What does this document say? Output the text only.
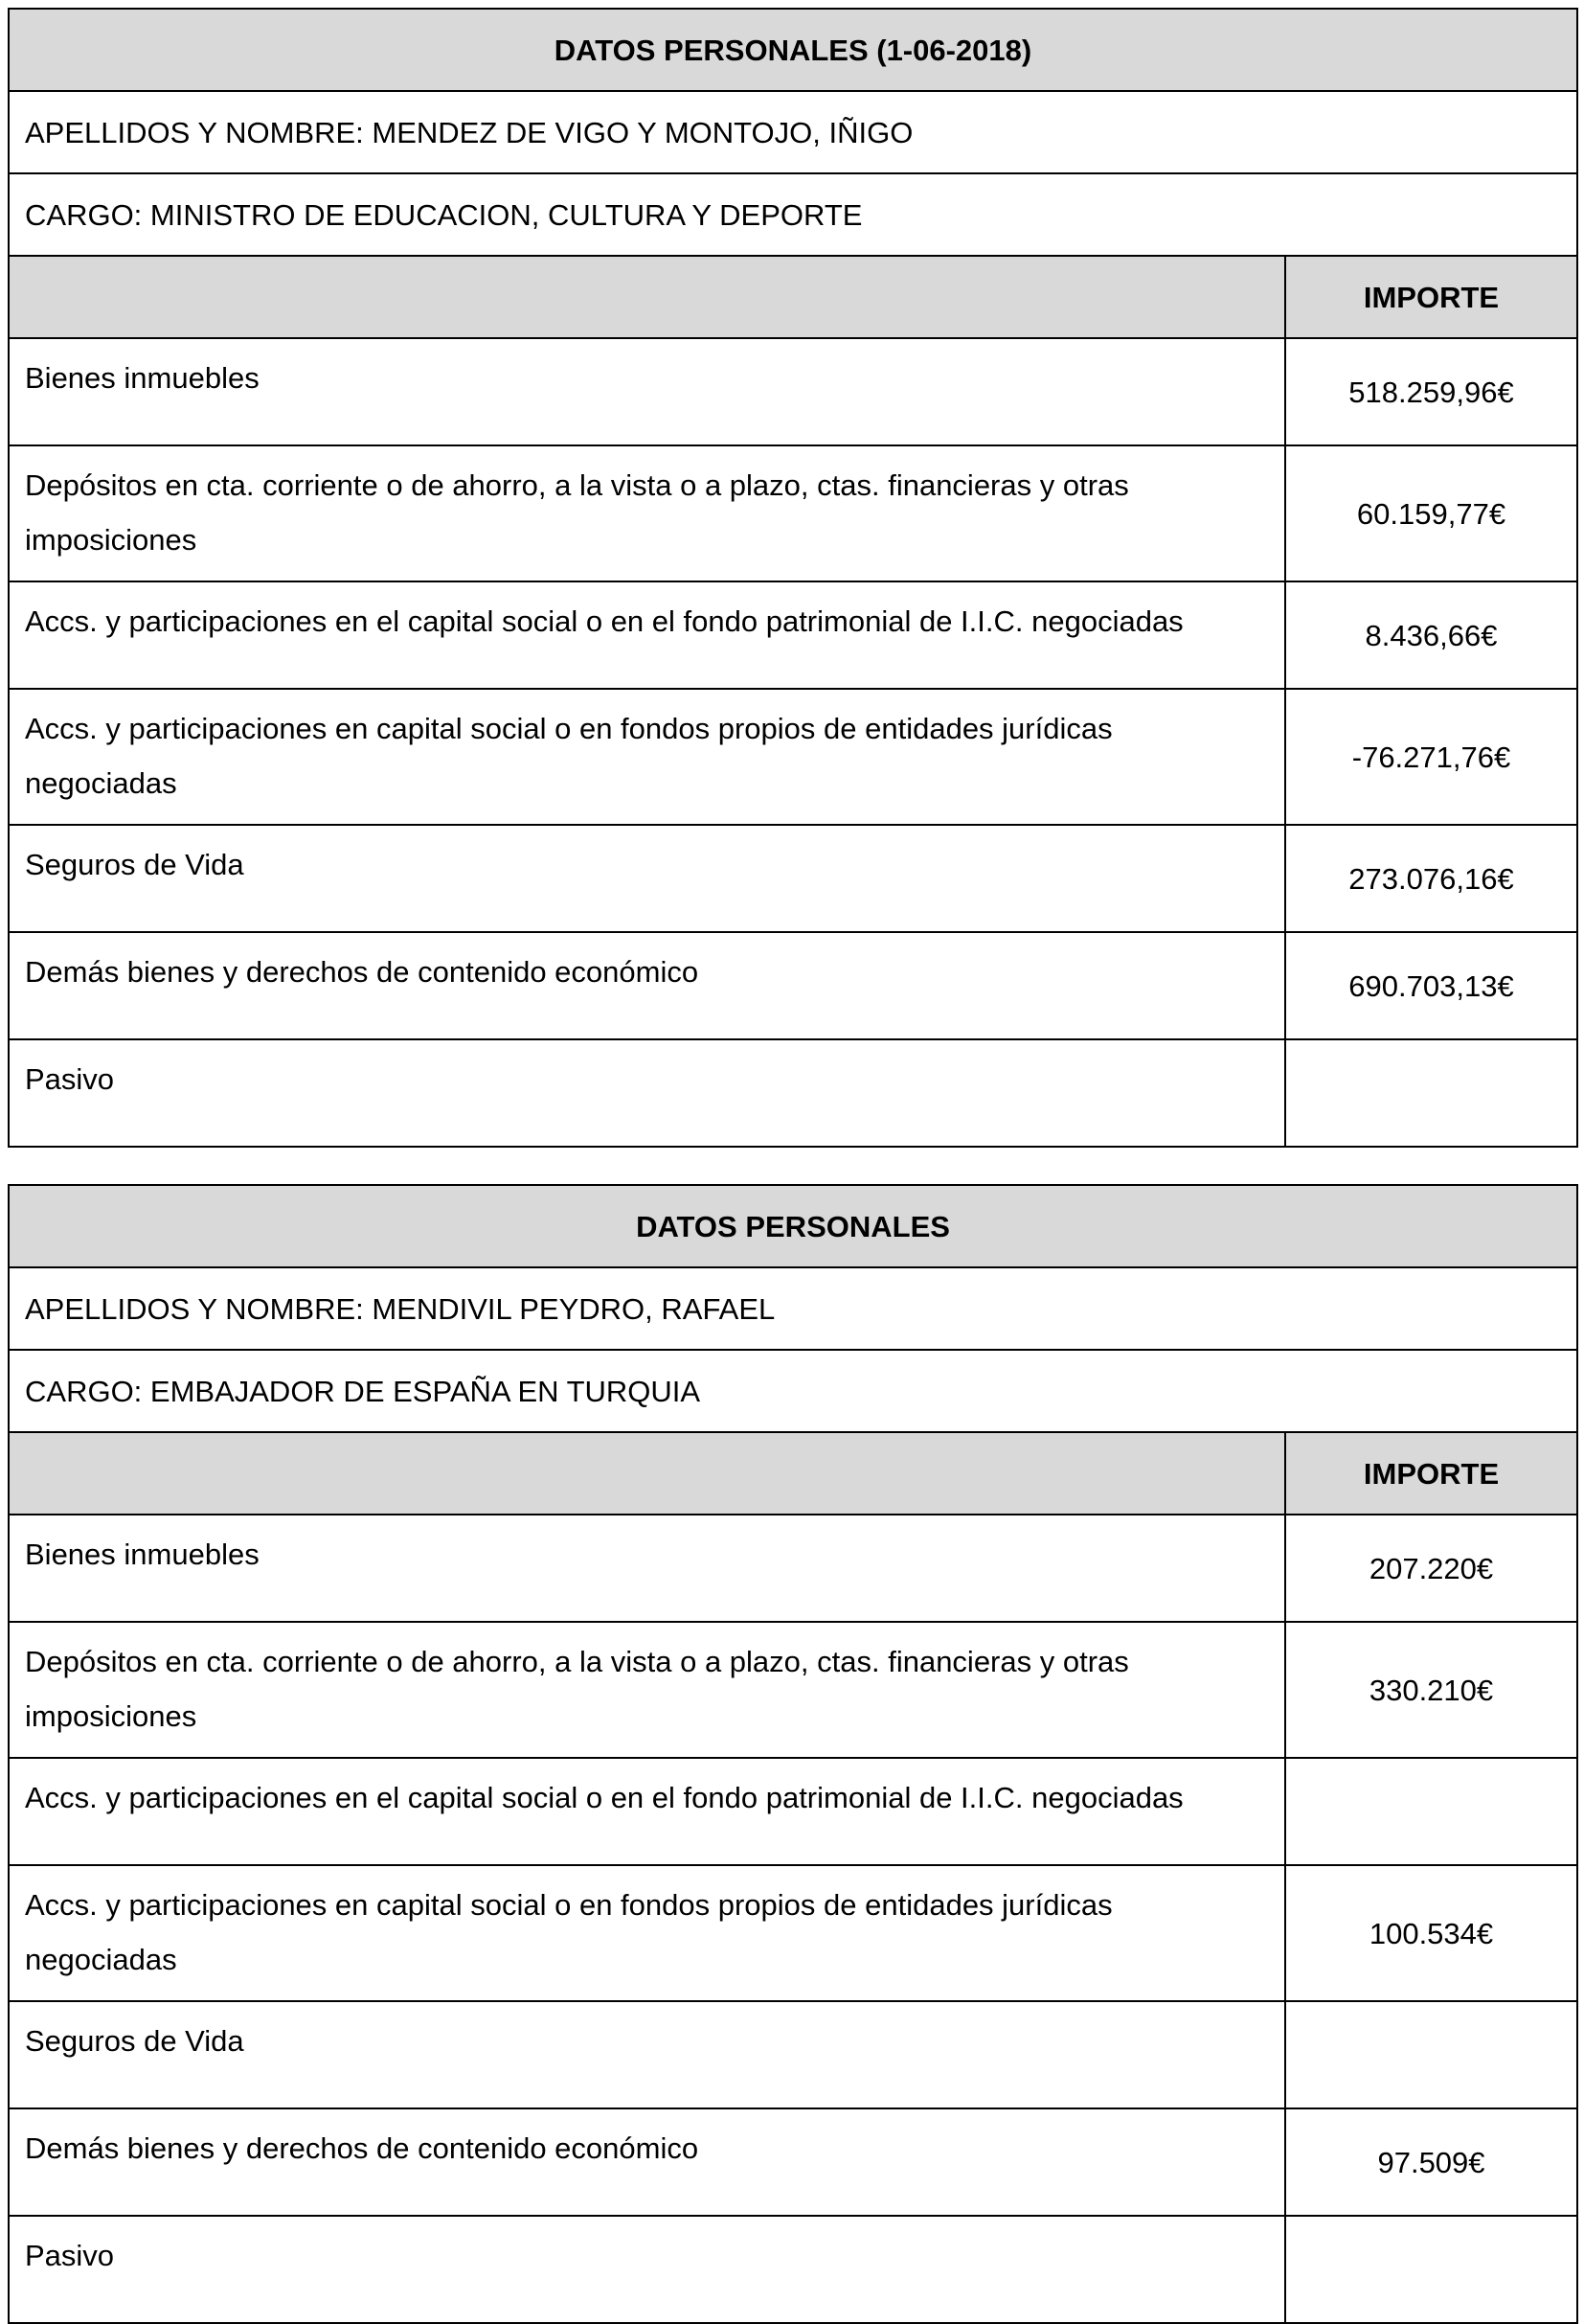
DATOS PERSONALES (1-06-2018)	
APELLIDOS Y NOMBRE: MENDEZ DE VIGO Y MONTOJO, IÑIGO	
CARGO: MINISTRO DE EDUCACION, CULTURA Y DEPORTE	
	IMPORTE
Bienes inmuebles	518.259,96€
Depósitos en cta. corriente o de ahorro, a la vista o a plazo, ctas. financieras y otras imposiciones	60.159,77€
Accs. y participaciones en el capital social o en el fondo patrimonial de I.I.C. negociadas	8.436,66€
Accs. y participaciones en capital social o en fondos propios de entidades jurídicas negociadas	-76.271,76€
Seguros de Vida	273.076,16€
Demás bienes y derechos de contenido económico	690.703,13€
Pasivo	
DATOS PERSONALES	
APELLIDOS Y NOMBRE: MENDIVIL PEYDRO, RAFAEL	
CARGO: EMBAJADOR DE ESPAÑA EN TURQUIA	
	IMPORTE
Bienes inmuebles	207.220€
Depósitos en cta. corriente o de ahorro, a la vista o a plazo, ctas. financieras y otras imposiciones	330.210€
Accs. y participaciones en el capital social o en el fondo patrimonial de I.I.C. negociadas	
Accs. y participaciones en capital social o en fondos propios de entidades jurídicas negociadas	100.534€
Seguros de Vida	
Demás bienes y derechos de contenido económico	97.509€
Pasivo	
